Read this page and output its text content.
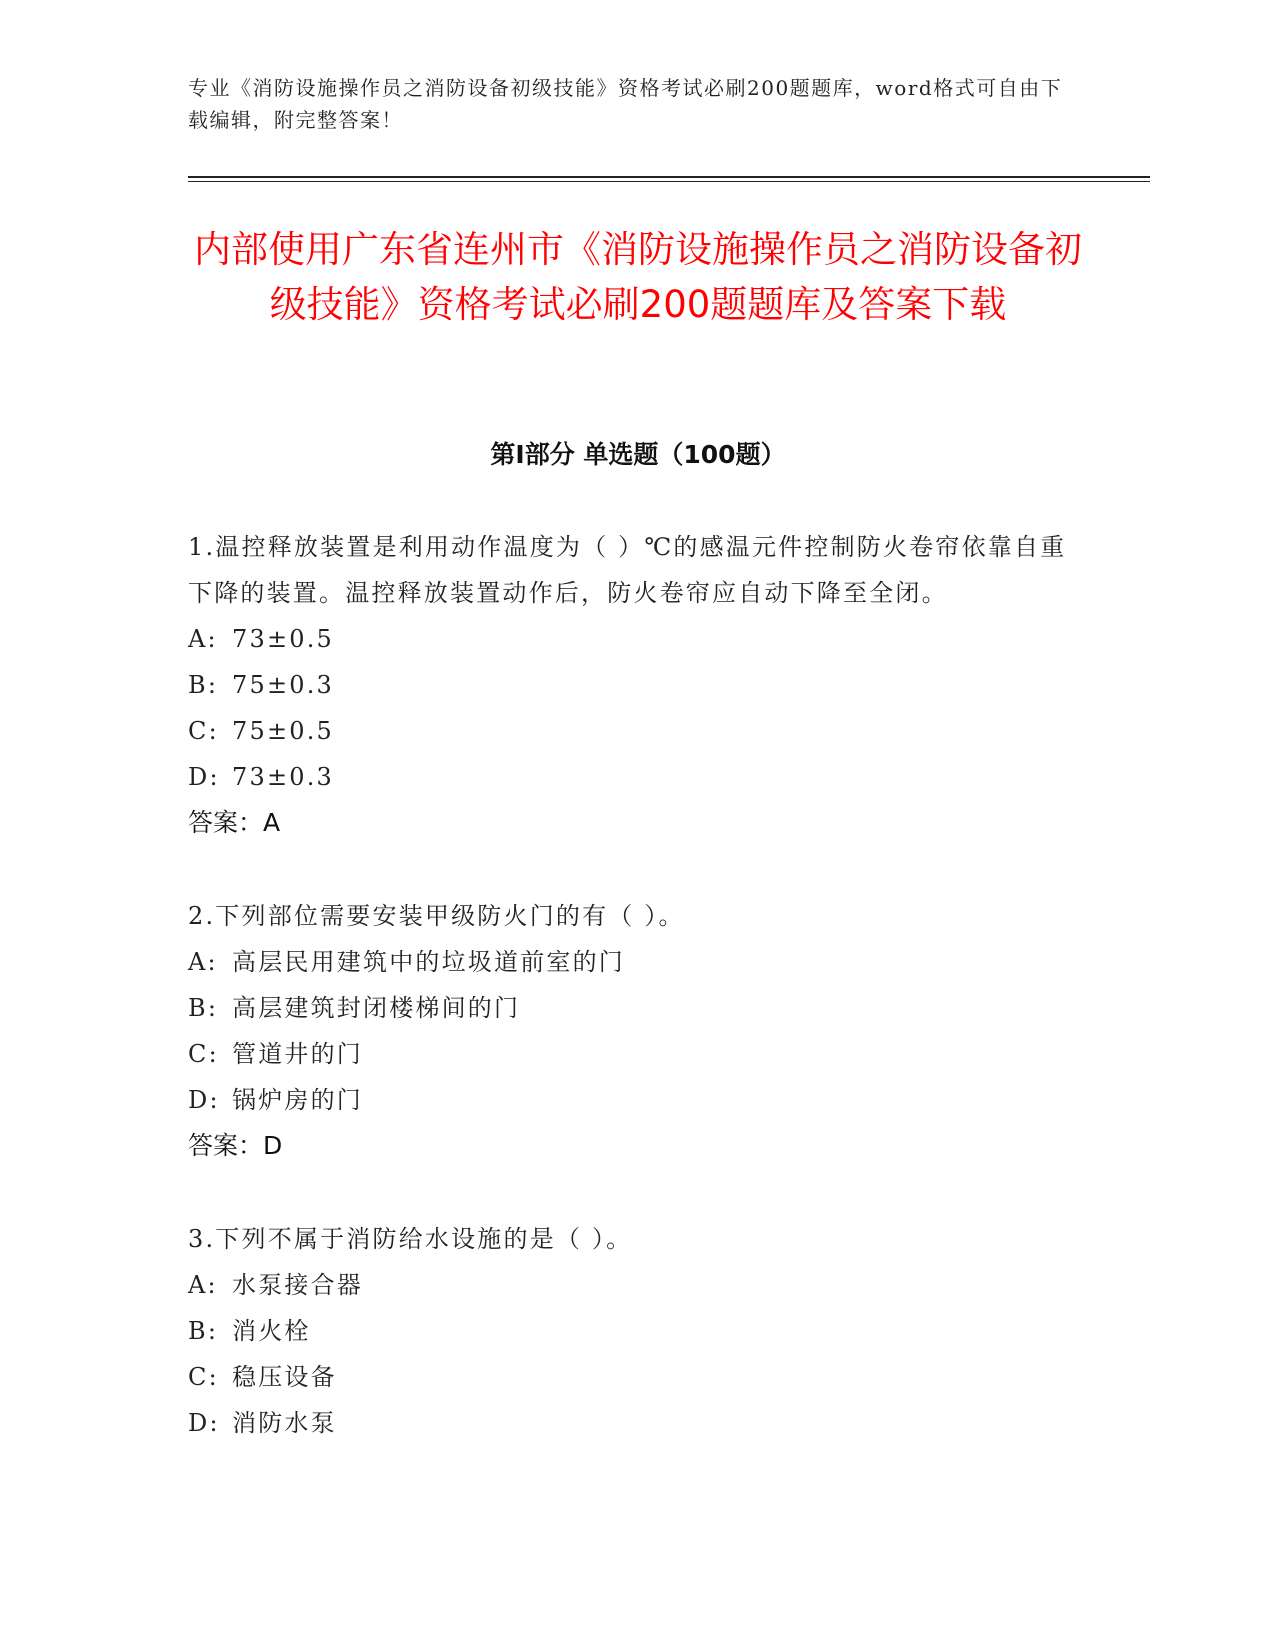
专业《消防设施操作员之消防设备初级技能》资格考试必刷200题题库，word格式可自由下载编辑，附完整答案！
内部使用广东省连州市《消防设施操作员之消防设备初级技能》资格考试必刷200题题库及答案下载
第Ⅰ部分 单选题（100题）
1.温控释放装置是利用动作温度为（ ）℃的感温元件控制防火卷帘依靠自重下降的装置。温控释放装置动作后，防火卷帘应自动下降至全闭。
A: 73±0.5
B: 75±0.3
C: 75±0.5
D: 73±0.3
答案：A
2.下列部位需要安装甲级防火门的有（ ）。
A: 高层民用建筑中的垃圾道前室的门
B: 高层建筑封闭楼梯间的门
C: 管道井的门
D: 锅炉房的门
答案：D
3.下列不属于消防给水设施的是（ ）。
A: 水泵接合器
B: 消火栓
C: 稳压设备
D: 消防水泵
